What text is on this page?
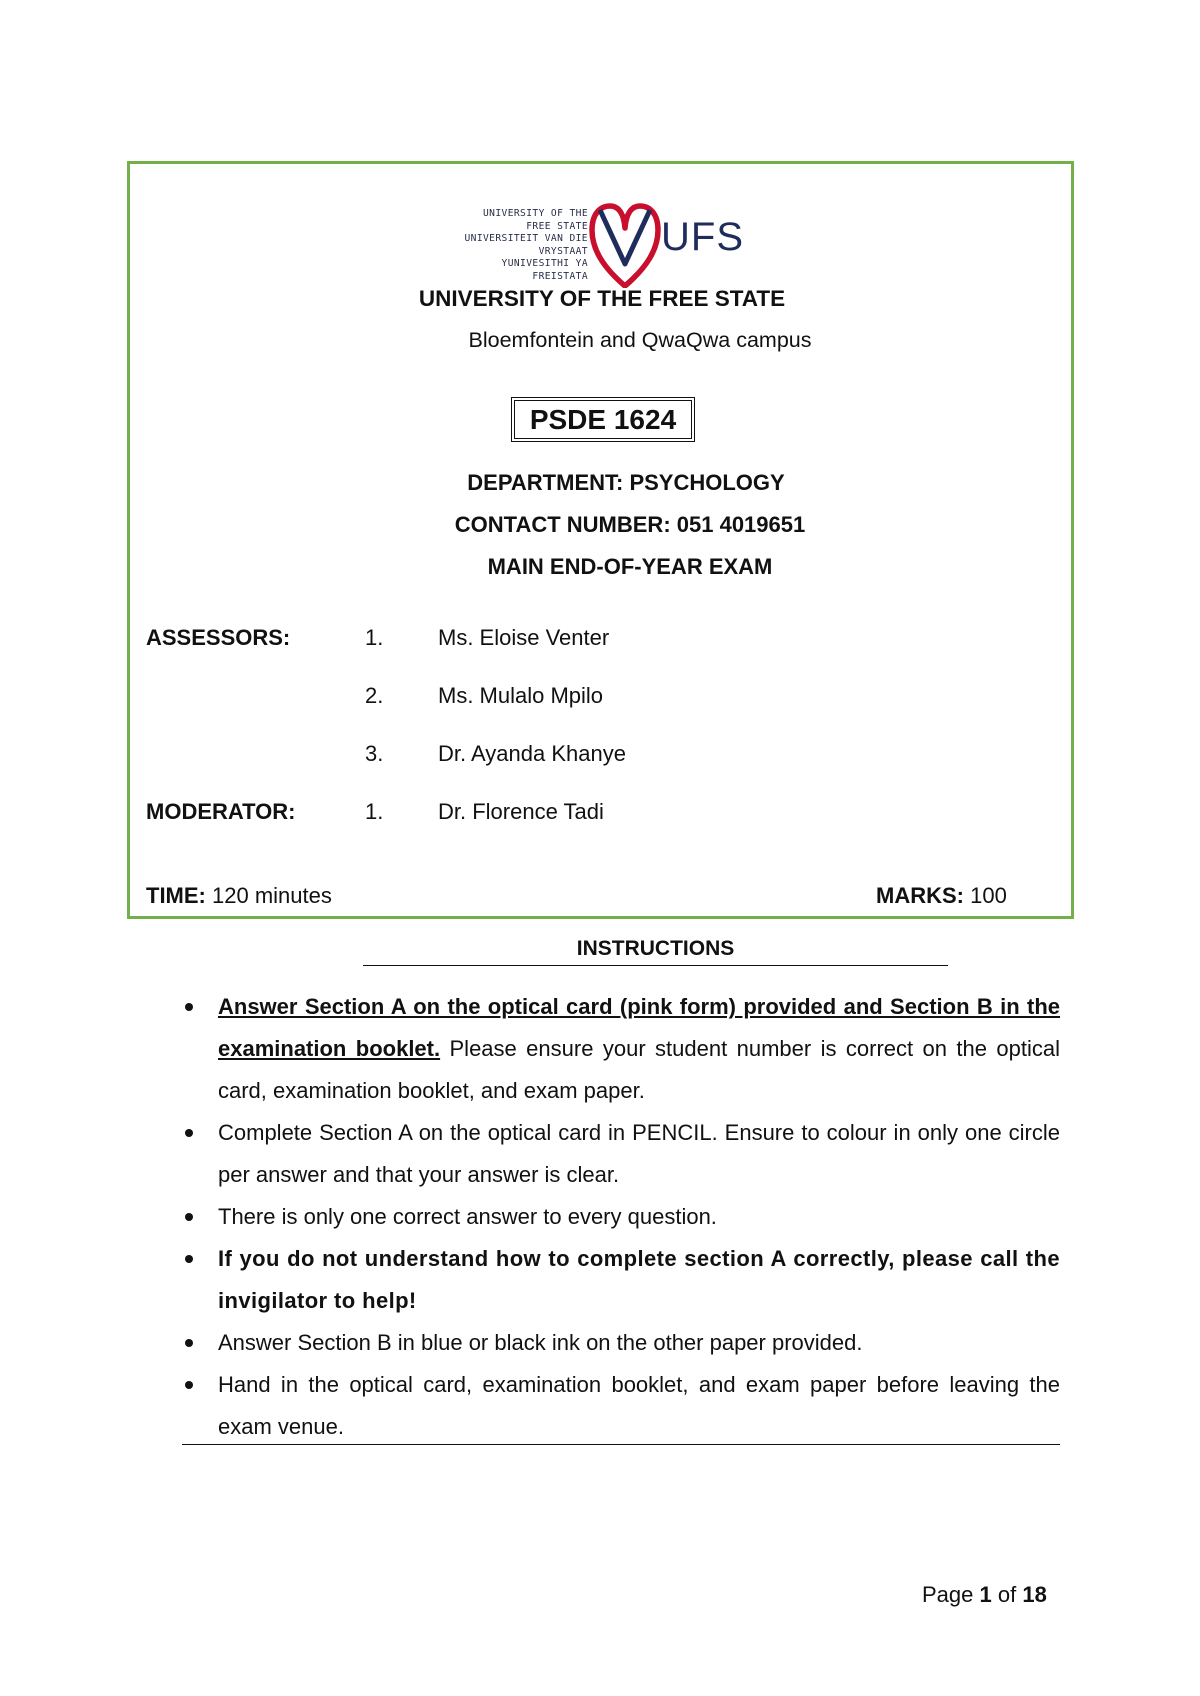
UNIVERSITY OF THE
FREE STATE
UNIVERSITEIT VAN DIE
VRYSTAAT
YUNIVESITHI YA
FREISTATA
UFS
UNIVERSITY OF THE FREE STATE
Bloemfontein and QwaQwa campus
PSDE 1624
DEPARTMENT: PSYCHOLOGY
CONTACT NUMBER: 051 4019651
MAIN END-OF-YEAR EXAM
ASSESSORS:	1. Ms. Eloise Venter
2. Ms. Mulalo Mpilo
3. Dr. Ayanda Khanye
MODERATOR:	1. Dr. Florence Tadi
TIME: 120 minutes	MARKS: 100
INSTRUCTIONS
Answer Section A on the optical card (pink form) provided and Section B in the examination booklet. Please ensure your student number is correct on the optical card, examination booklet, and exam paper.
Complete Section A on the optical card in PENCIL. Ensure to colour in only one circle per answer and that your answer is clear.
There is only one correct answer to every question.
If you do not understand how to complete section A correctly, please call the invigilator to help!
Answer Section B in blue or black ink on the other paper provided.
Hand in the optical card, examination booklet, and exam paper before leaving the exam venue.
Page 1 of 18
